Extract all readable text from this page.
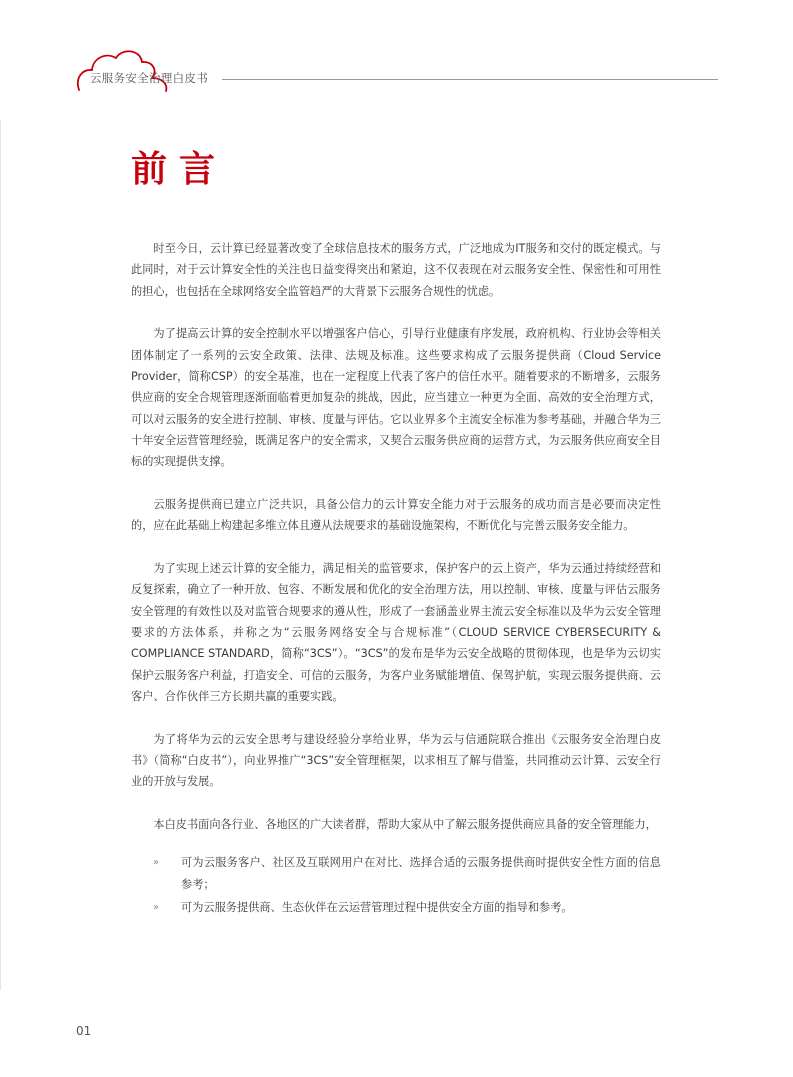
云服务安全治理白皮书
前言

时至今日，云计算已经显著改变了全球信息技术的服务方式，广泛地成为IT服务和交付的既定模式。与此同时，对于云计算安全性的关注也日益变得突出和紧迫，这不仅表现在对云服务安全性、保密性和可用性的担心，也包括在全球网络安全监管趋严的大背景下云服务合规性的忧虑。

为了提高云计算的安全控制水平以增强客户信心，引导行业健康有序发展，政府机构、行业协会等相关团体制定了一系列的云安全政策、法律、法规及标准。这些要求构成了云服务提供商（Cloud Service Provider，简称CSP）的安全基准，也在一定程度上代表了客户的信任水平。随着要求的不断增多，云服务供应商的安全合规管理逐渐面临着更加复杂的挑战，因此，应当建立一种更为全面、高效的安全治理方式，可以对云服务的安全进行控制、审核、度量与评估。它以业界多个主流安全标准为参考基础，并融合华为三十年安全运营管理经验，既满足客户的安全需求，又契合云服务供应商的运营方式，为云服务供应商安全目标的实现提供支撑。

云服务提供商已建立广泛共识，具备公信力的云计算安全能力对于云服务的成功而言是必要而决定性的，应在此基础上构建起多维立体且遵从法规要求的基础设施架构，不断优化与完善云服务安全能力。

为了实现上述云计算的安全能力，满足相关的监管要求，保护客户的云上资产，华为云通过持续经营和反复探索，确立了一种开放、包容、不断发展和优化的安全治理方法，用以控制、审核、度量与评估云服务安全管理的有效性以及对监管合规要求的遵从性，形成了一套涵盖业界主流云安全标准以及华为云安全管理要求的方法体系，并称之为“云服务网络安全与合规标准”（CLOUD SERVICE CYBERSECURITY & COMPLIANCE STANDARD，简称“3CS”）。“3CS”的发布是华为云安全战略的贯彻体现，也是华为云切实保护云服务客户利益，打造安全、可信的云服务，为客户业务赋能增值、保驾护航，实现云服务提供商、云客户、合作伙伴三方长期共赢的重要实践。

为了将华为云的云安全思考与建设经验分享给业界，华为云与信通院联合推出《云服务安全治理白皮书》（简称“白皮书”），向业界推广“3CS”安全管理框架，以求相互了解与借鉴，共同推动云计算、云安全行业的开放与发展。

本白皮书面向各行业、各地区的广大读者群，帮助大家从中了解云服务提供商应具备的安全管理能力，

» 可为云服务客户、社区及互联网用户在对比、选择合适的云服务提供商时提供安全性方面的信息参考；
» 可为云服务提供商、生态伙伴在云运营管理过程中提供安全方面的指导和参考。
01
